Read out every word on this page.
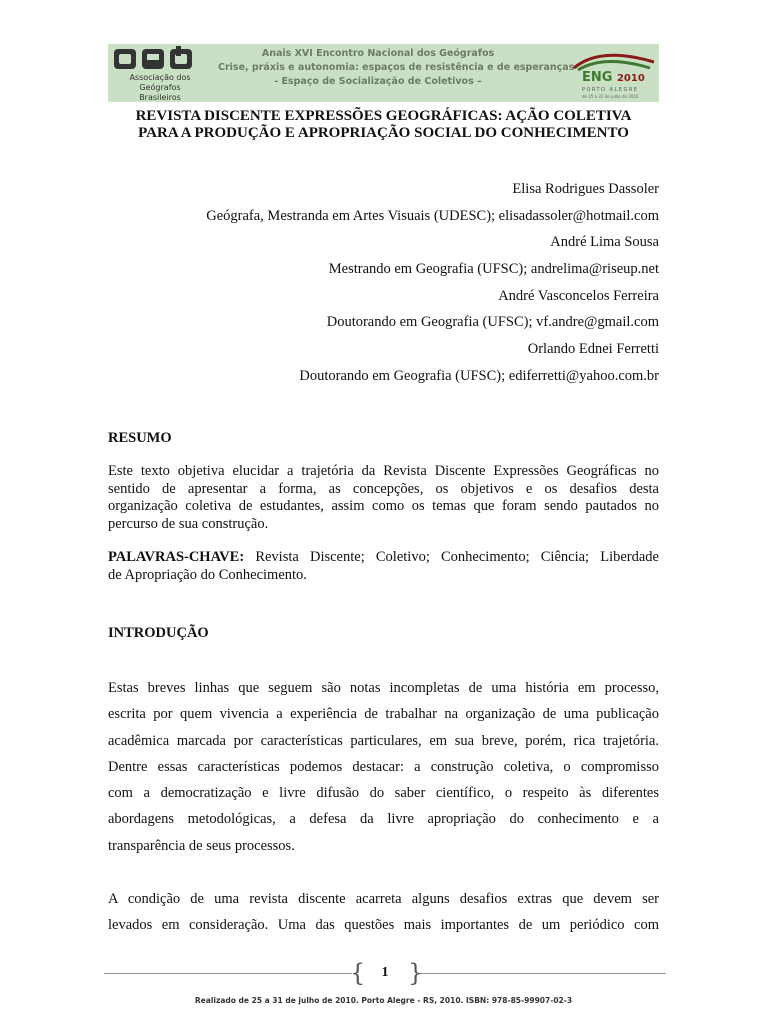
Associação dos
Geógrafos
Brasileiros
Anais XVI Encontro Nacional dos Geógrafos
Crise, práxis e autonomia: espaços de resistência e de esperanças
- Espaço de Socialização de Coletivos –	ENG 2010
PORTO ALEGRE
de 25 a 31 de julho de 2010
REVISTA DISCENTE EXPRESSÕES GEOGRÁFICAS: AÇÃO COLETIVA
PARA A PRODUÇÃO E APROPRIAÇÃO SOCIAL DO CONHECIMENTO
Elisa Rodrigues Dassoler
Geógrafa, Mestranda em Artes Visuais (UDESC); elisadassoler@hotmail.com
André Lima Sousa
Mestrando em Geografia (UFSC); andrelima@riseup.net
André Vasconcelos Ferreira
Doutorando em Geografia (UFSC); vf.andre@gmail.com
Orlando Ednei Ferretti
Doutorando em Geografia (UFSC); ediferretti@yahoo.com.br
RESUMO
Este texto objetiva elucidar a trajetória da Revista Discente Expressões Geográficas no
sentido de apresentar a forma, as concepções, os objetivos e os desafios desta
organização coletiva de estudantes, assim como os temas que foram sendo pautados no
percurso de sua construção.
PALAVRAS-CHAVE: Revista Discente; Coletivo; Conhecimento; Ciência; Liberdade
de Apropriação do Conhecimento.
INTRODUÇÃO
Estas breves linhas que seguem são notas incompletas de uma história em processo,
escrita por quem vivencia a experiência de trabalhar na organização de uma publicação
acadêmica marcada por características particulares, em sua breve, porém, rica trajetória.
Dentre essas características podemos destacar: a construção coletiva, o compromisso
com a democratização e livre difusão do saber científico, o respeito às diferentes
abordagens metodológicas, a defesa da livre apropriação do conhecimento e a
transparência de seus processos.
A condição de uma revista discente acarreta alguns desafios extras que devem ser
levados em consideração. Uma das questões mais importantes de um periódico com
{	1 }
Realizado de 25 a 31 de julho de 2010. Porto Alegre - RS, 2010. ISBN: 978-85-99907-02-3
